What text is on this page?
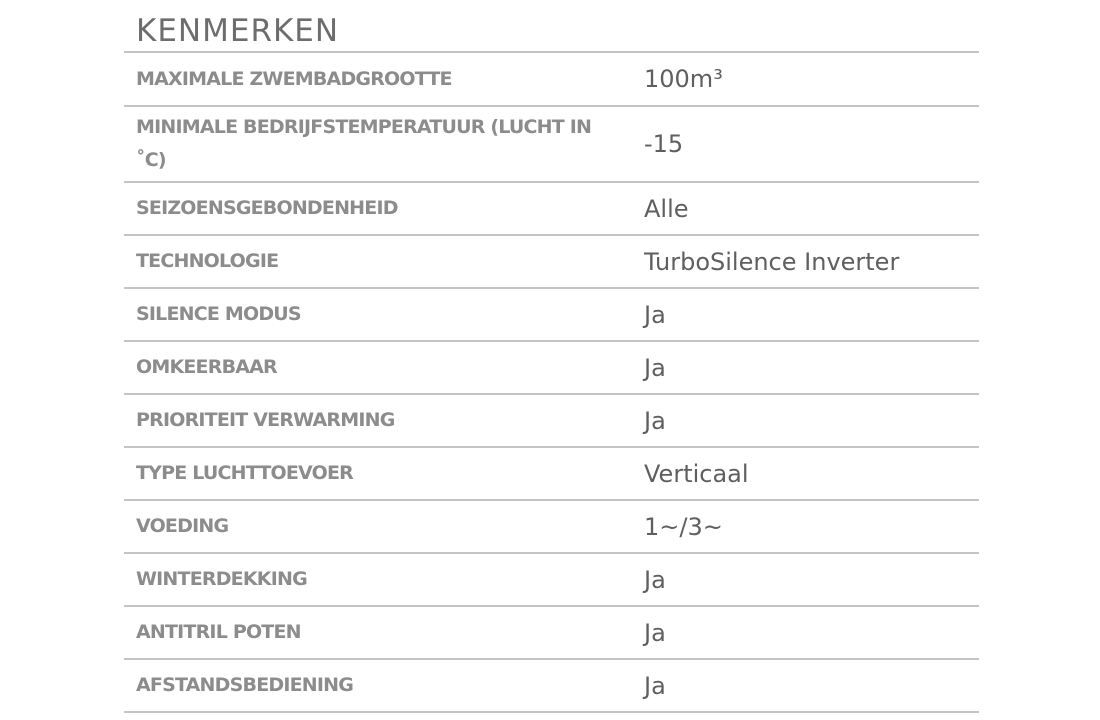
KENMERKEN
MAXIMALE ZWEMBADGROOTTE	100m³
MINIMALE BEDRIJFSTEMPERATUUR (LUCHT IN ˚C)	-15
SEIZOENSGEBONDENHEID	Alle
TECHNOLOGIE	TurboSilence Inverter
SILENCE MODUS	Ja
OMKEERBAAR	Ja
PRIORITEIT VERWARMING	Ja
TYPE LUCHTTOEVOER	Verticaal
VOEDING	1~/3~
WINTERDEKKING	Ja
ANTITRIL POTEN	Ja
AFSTANDSBEDIENING	Ja
